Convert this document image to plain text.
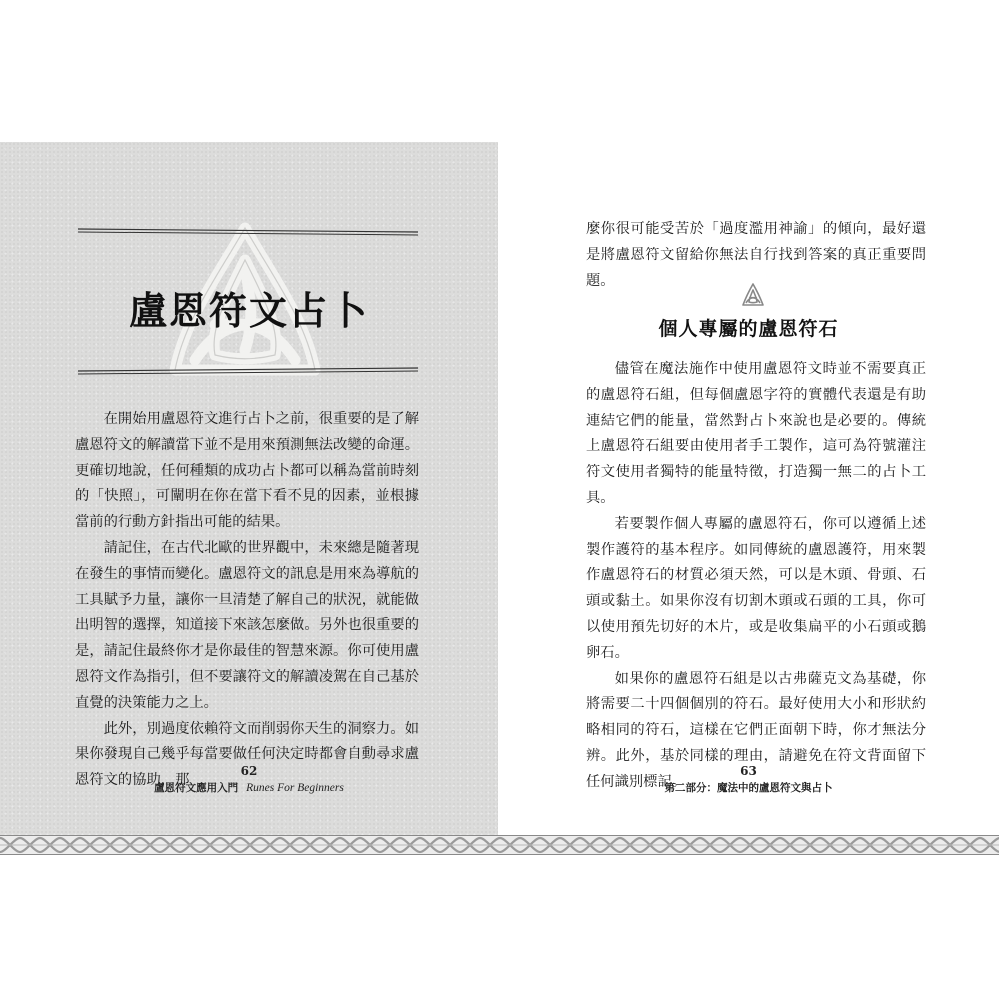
盧恩符文占卜

在開始用盧恩符文進行占卜之前，很重要的是了解盧恩符文的解讀當下並不是用來預測無法改變的命運。更確切地說，任何種類的成功占卜都可以稱為當前時刻的「快照」，可闡明在你在當下看不見的因素，並根據當前的行動方針指出可能的結果。

請記住，在古代北歐的世界觀中，未來總是隨著現在發生的事情而變化。盧恩符文的訊息是用來為導航的工具賦予力量，讓你一旦清楚了解自己的狀況，就能做出明智的選擇，知道接下來該怎麼做。另外也很重要的是，請記住最終你才是你最佳的智慧來源。你可使用盧恩符文作為指引，但不要讓符文的解讀凌駕在自己基於直覺的決策能力之上。

此外，別過度依賴符文而削弱你天生的洞察力。如果你發現自己幾乎每當要做任何決定時都會自動尋求盧恩符文的協助，那

62
盧恩符文應用入門 Runes For Beginners

麼你很可能受苦於「過度濫用神諭」的傾向，最好還是將盧恩符文留給你無法自行找到答案的真正重要問題。

個人專屬的盧恩符石

儘管在魔法施作中使用盧恩符文時並不需要真正的盧恩符石組，但每個盧恩字符的實體代表還是有助連結它們的能量，當然對占卜來說也是必要的。傳統上盧恩符石組要由使用者手工製作，這可為符號灌注符文使用者獨特的能量特徵，打造獨一無二的占卜工具。

若要製作個人專屬的盧恩符石，你可以遵循上述製作護符的基本程序。如同傳統的盧恩護符，用來製作盧恩符石的材質必須天然，可以是木頭、骨頭、石頭或黏土。如果你沒有切割木頭或石頭的工具，你可以使用預先切好的木片，或是收集扁平的小石頭或鵝卵石。

如果你的盧恩符石組是以古弗薩克文為基礎，你將需要二十四個個別的符石。最好使用大小和形狀約略相同的符石，這樣在它們正面朝下時，你才無法分辨。此外，基於同樣的理由，請避免在符文背面留下任何識別標記。

63
第二部分：魔法中的盧恩符文與占卜
